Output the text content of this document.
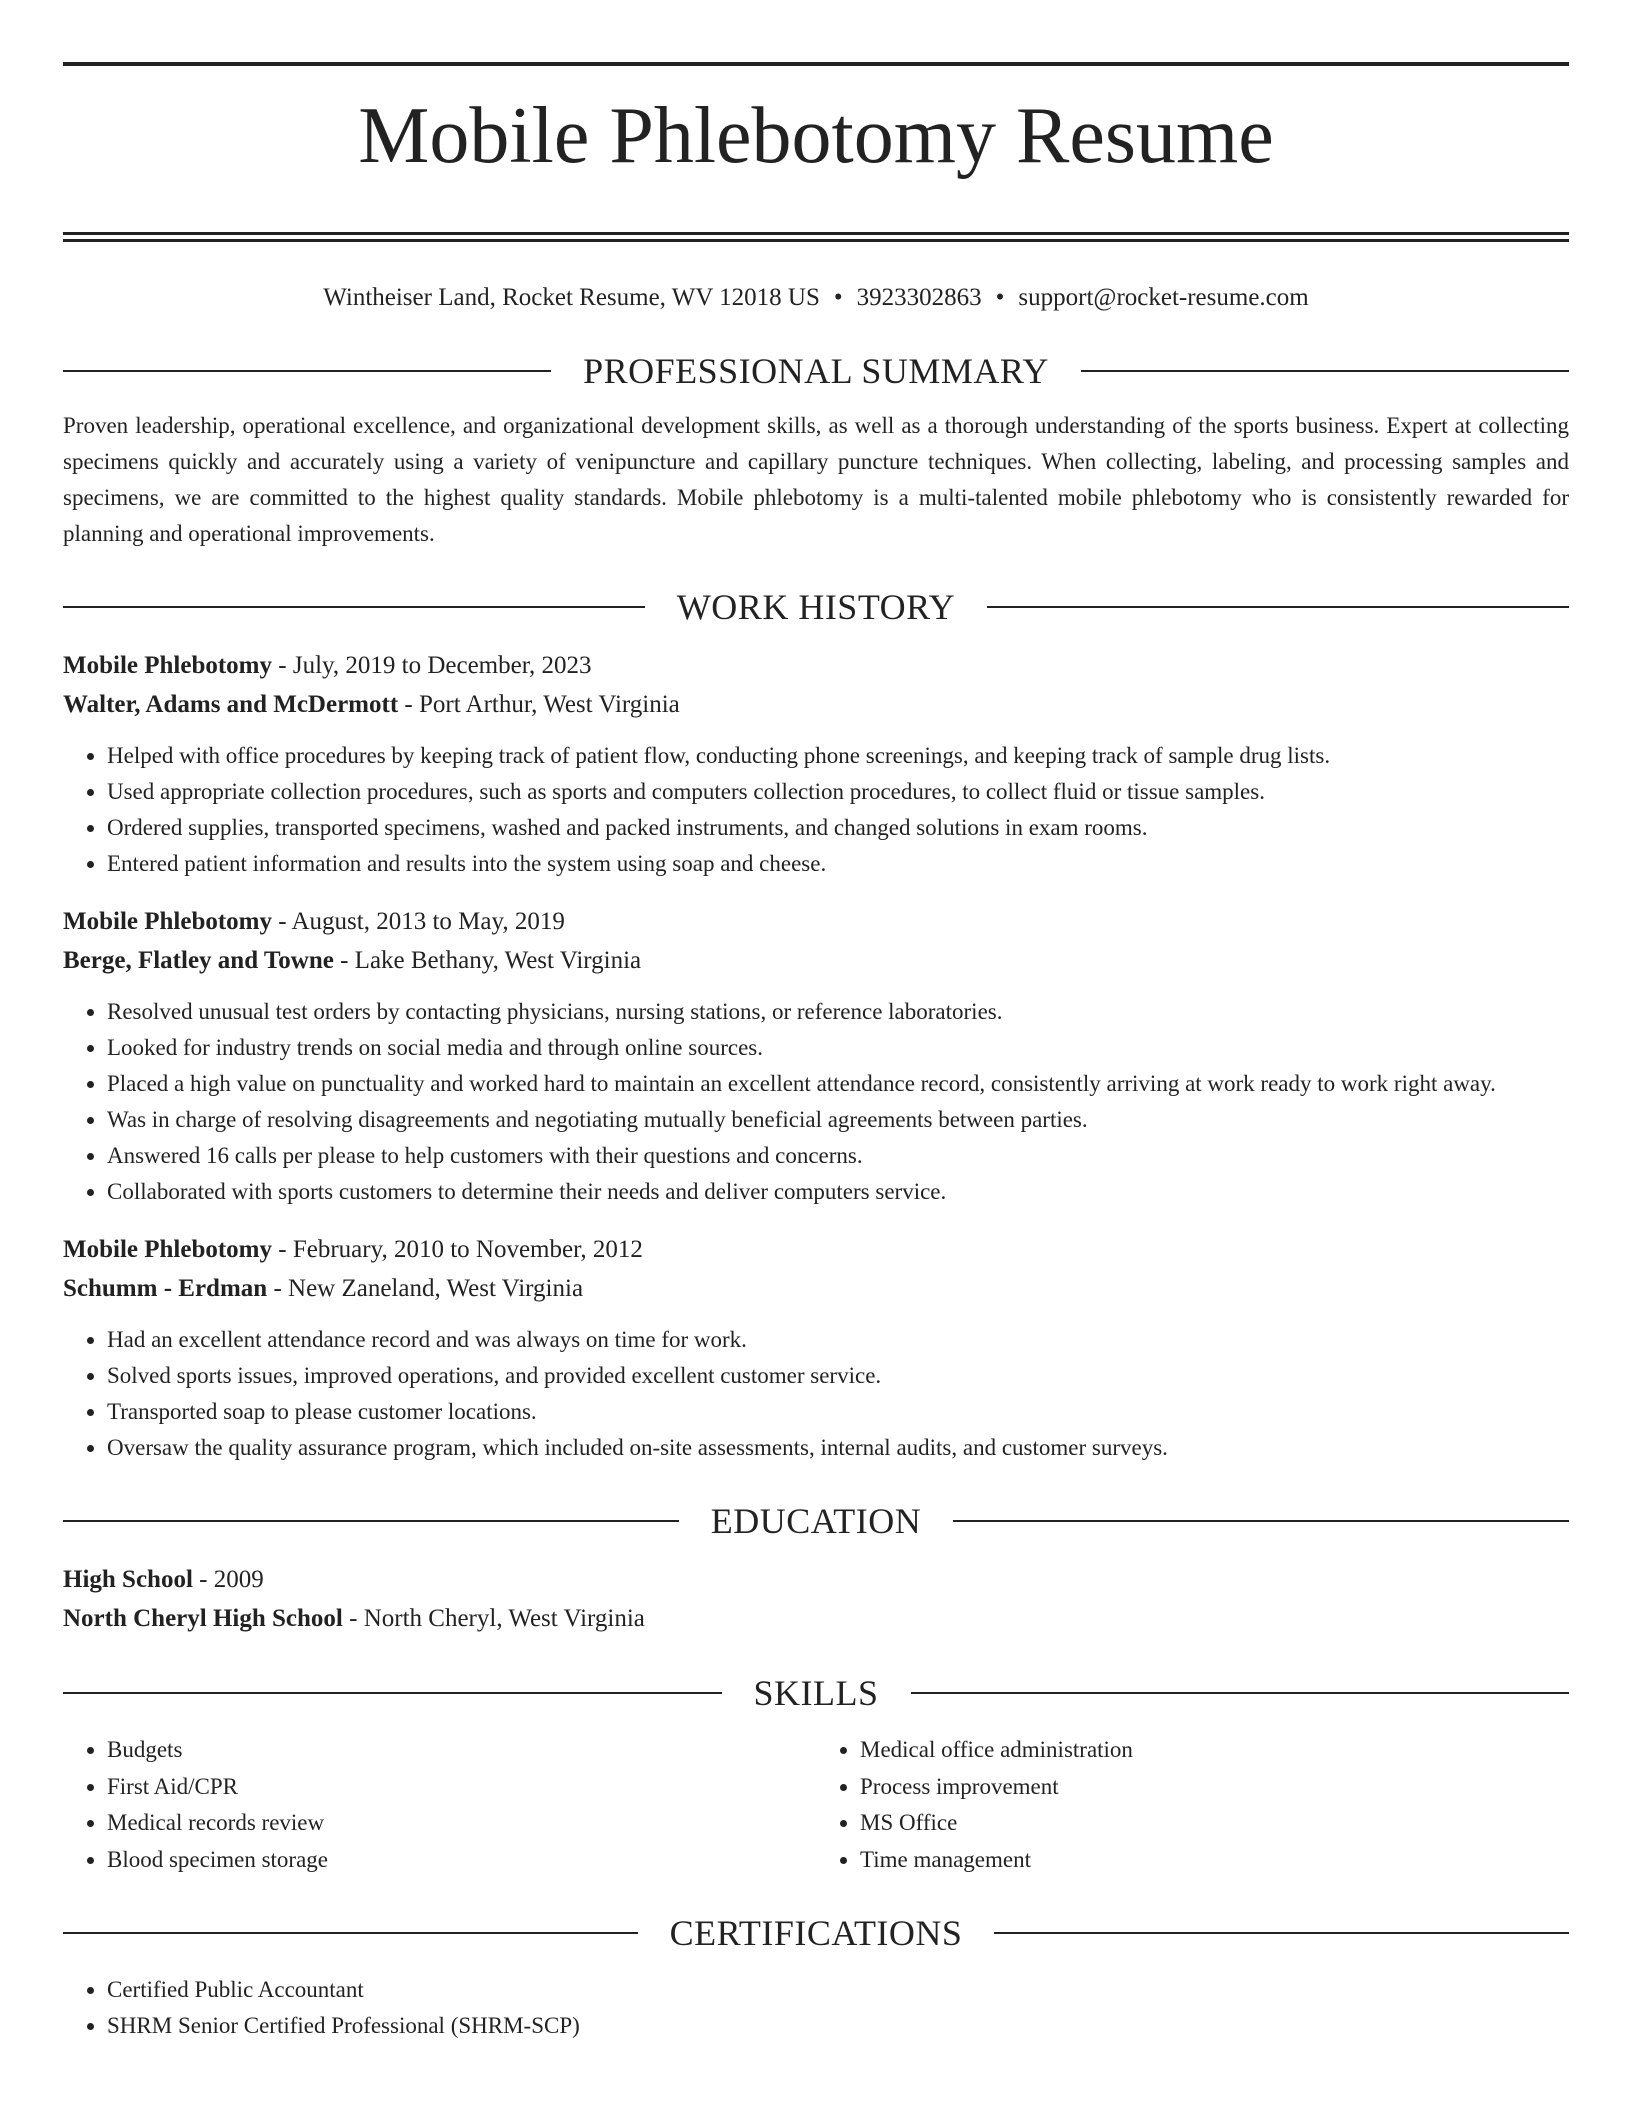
Mobile Phlebotomy Resume
Wintheiser Land, Rocket Resume, WV 12018 US • 3923302863 • support@rocket-resume.com
PROFESSIONAL SUMMARY

Proven leadership, operational excellence, and organizational development skills, as well as a thorough understanding of the sports business. Expert at collecting specimens quickly and accurately using a variety of venipuncture and capillary puncture techniques. When collecting, labeling, and processing samples and specimens, we are committed to the highest quality standards. Mobile phlebotomy is a multi-talented mobile phlebotomy who is consistently rewarded for planning and operational improvements.

WORK HISTORY
Mobile Phlebotomy - July, 2019 to December, 2023
Walter, Adams and McDermott - Port Arthur, West Virginia
• Helped with office procedures by keeping track of patient flow, conducting phone screenings, and keeping track of sample drug lists.
• Used appropriate collection procedures, such as sports and computers collection procedures, to collect fluid or tissue samples.
• Ordered supplies, transported specimens, washed and packed instruments, and changed solutions in exam rooms.
• Entered patient information and results into the system using soap and cheese.
Mobile Phlebotomy - August, 2013 to May, 2019
Berge, Flatley and Towne - Lake Bethany, West Virginia
• Resolved unusual test orders by contacting physicians, nursing stations, or reference laboratories.
• Looked for industry trends on social media and through online sources.
• Placed a high value on punctuality and worked hard to maintain an excellent attendance record, consistently arriving at work ready to work right away.
• Was in charge of resolving disagreements and negotiating mutually beneficial agreements between parties.
• Answered 16 calls per please to help customers with their questions and concerns.
• Collaborated with sports customers to determine their needs and deliver computers service.
Mobile Phlebotomy - February, 2010 to November, 2012
Schumm - Erdman - New Zaneland, West Virginia
• Had an excellent attendance record and was always on time for work.
• Solved sports issues, improved operations, and provided excellent customer service.
• Transported soap to please customer locations.
• Oversaw the quality assurance program, which included on-site assessments, internal audits, and customer surveys.
EDUCATION
High School - 2009
North Cheryl High School - North Cheryl, West Virginia
SKILLS
• Budgets
• First Aid/CPR
• Medical records review
• Blood specimen storage
• Medical office administration
• Process improvement
• MS Office
• Time management
CERTIFICATIONS
• Certified Public Accountant
• SHRM Senior Certified Professional (SHRM-SCP)
